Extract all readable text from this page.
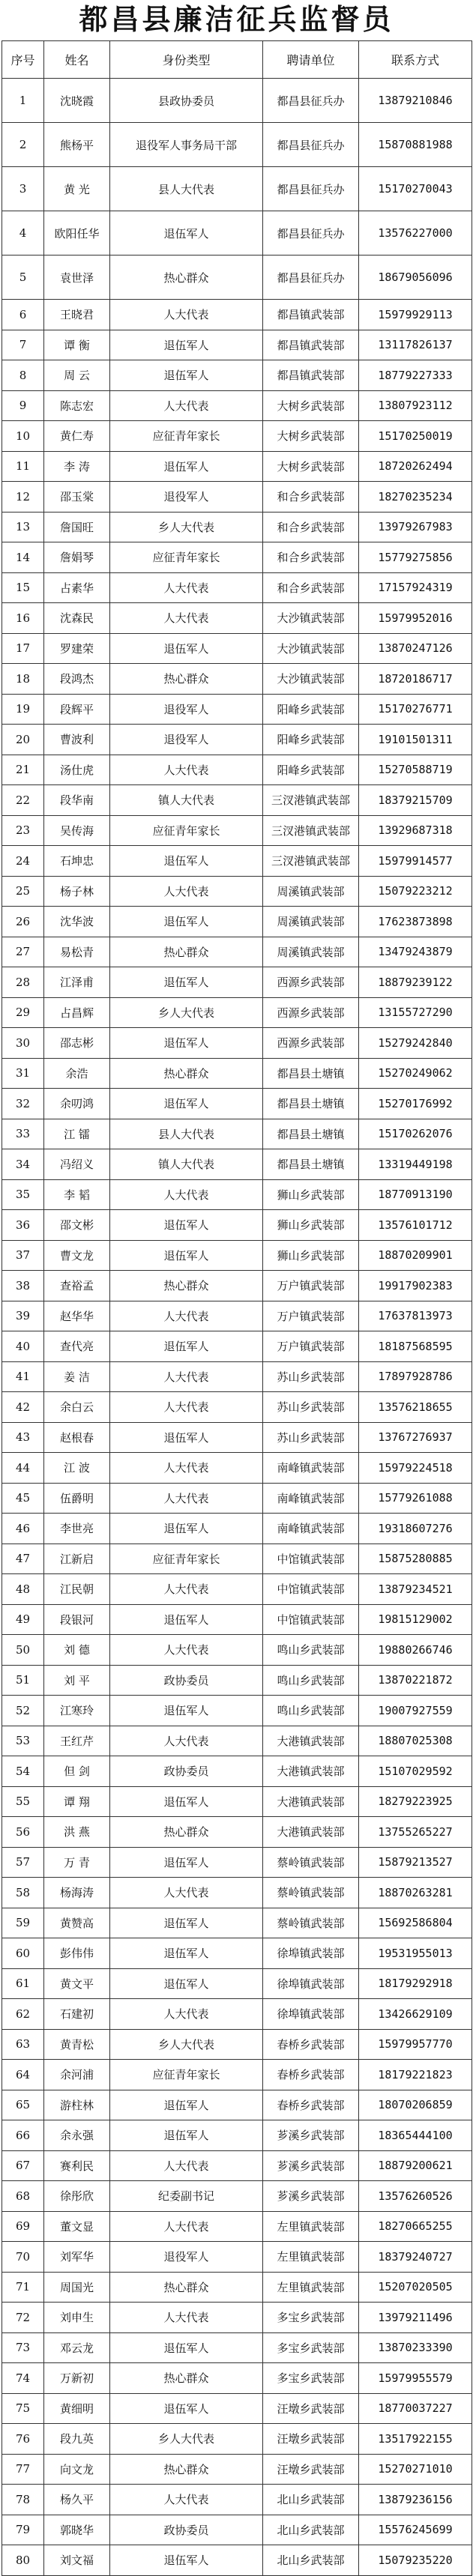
都昌县廉洁征兵监督员
序号	姓名	身份类型	聘请单位	联系方式
1	沈晓霞	县政协委员	都昌县征兵办	13879210846
2	熊杨平	退役军人事务局干部	都昌县征兵办	15870881988
3	黄 光	县人大代表	都昌县征兵办	15170270043
4	欧阳任华	退伍军人	都昌县征兵办	13576227000
5	袁世泽	热心群众	都昌县征兵办	18679056096
6	王晓君	人大代表	都昌镇武装部	15979929113
7	谭 衡	退伍军人	都昌镇武装部	13117826137
8	周 云	退伍军人	都昌镇武装部	18779227333
9	陈志宏	人大代表	大树乡武装部	13807923112
10	黄仁寿	应征青年家长	大树乡武装部	15170250019
11	李 涛	退伍军人	大树乡武装部	18720262494
12	邵玉棠	退役军人	和合乡武装部	18270235234
13	詹国旺	乡人大代表	和合乡武装部	13979267983
14	詹娟琴	应征青年家长	和合乡武装部	15779275856
15	占素华	人大代表	和合乡武装部	17157924319
16	沈森民	人大代表	大沙镇武装部	15979952016
17	罗建荣	退伍军人	大沙镇武装部	13870247126
18	段鸿杰	热心群众	大沙镇武装部	18720186717
19	段辉平	退役军人	阳峰乡武装部	15170276771
20	曹波利	退役军人	阳峰乡武装部	19101501311
21	汤仕虎	人大代表	阳峰乡武装部	15270588719
22	段华南	镇人大代表	三汊港镇武装部	18379215709
23	吴传海	应征青年家长	三汊港镇武装部	13929687318
24	石坤忠	退伍军人	三汊港镇武装部	15979914577
25	杨子林	人大代表	周溪镇武装部	15079223212
26	沈华波	退伍军人	周溪镇武装部	17623873898
27	易松青	热心群众	周溪镇武装部	13479243879
28	江泽甫	退伍军人	西源乡武装部	18879239122
29	占昌辉	乡人大代表	西源乡武装部	13155727290
30	邵志彬	退伍军人	西源乡武装部	15279242840
31	余浩	热心群众	都昌县土塘镇	15270249062
32	余叨鸿	退伍军人	都昌县土塘镇	15270176992
33	江 镭	县人大代表	都昌县土塘镇	15170262076
34	冯绍义	镇人大代表	都昌县土塘镇	13319449198
35	李 韬	人大代表	狮山乡武装部	18770913190
36	邵文彬	退伍军人	狮山乡武装部	13576101712
37	曹文龙	退伍军人	狮山乡武装部	18870209901
38	查裕孟	热心群众	万户镇武装部	19917902383
39	赵华华	人大代表	万户镇武装部	17637813973
40	查代亮	退伍军人	万户镇武装部	18187568595
41	姜 洁	人大代表	苏山乡武装部	17897928786
42	余白云	人大代表	苏山乡武装部	13576218655
43	赵根春	退伍军人	苏山乡武装部	13767276937
44	江 波	人大代表	南峰镇武装部	15979224518
45	伍爵明	人大代表	南峰镇武装部	15779261088
46	李世亮	退伍军人	南峰镇武装部	19318607276
47	江新启	应征青年家长	中馆镇武装部	15875280885
48	江民朝	人大代表	中馆镇武装部	13879234521
49	段银河	退伍军人	中馆镇武装部	19815129002
50	刘 德	人大代表	鸣山乡武装部	19880266746
51	刘 平	政协委员	鸣山乡武装部	13870221872
52	江寒玲	退伍军人	鸣山乡武装部	19007927559
53	王红芹	人大代表	大港镇武装部	18807025308
54	但 剑	政协委员	大港镇武装部	15107029592
55	谭 翔	退伍军人	大港镇武装部	18279223925
56	洪 燕	热心群众	大港镇武装部	13755265227
57	万 青	退伍军人	蔡岭镇武装部	15879213527
58	杨海涛	人大代表	蔡岭镇武装部	18870263281
59	黄赞高	退伍军人	蔡岭镇武装部	15692586804
60	彭伟伟	退伍军人	徐埠镇武装部	19531955013
61	黄文平	退伍军人	徐埠镇武装部	18179292918
62	石建初	人大代表	徐埠镇武装部	13426629109
63	黄青松	乡人大代表	春桥乡武装部	15979957770
64	余河浦	应征青年家长	春桥乡武装部	18179221823
65	游柱林	退伍军人	春桥乡武装部	18070206859
66	余永强	退伍军人	芗溪乡武装部	18365444100
67	赛利民	人大代表	芗溪乡武装部	18879200621
68	徐彤欣	纪委副书记	芗溪乡武装部	13576260526
69	董文显	人大代表	左里镇武装部	18270665255
70	刘军华	退役军人	左里镇武装部	18379240727
71	周国光	热心群众	左里镇武装部	15207020505
72	刘申生	人大代表	多宝乡武装部	13979211496
73	邓云龙	退伍军人	多宝乡武装部	13870233390
74	万新初	热心群众	多宝乡武装部	15979955579
75	黄细明	退伍军人	汪墩乡武装部	18770037227
76	段九英	乡人大代表	汪墩乡武装部	13517922155
77	向文龙	热心群众	汪墩乡武装部	15270271010
78	杨久平	人大代表	北山乡武装部	13879236156
79	郭晓华	政协委员	北山乡武装部	15576245699
80	刘文福	退伍军人	北山乡武装部	15079235220
